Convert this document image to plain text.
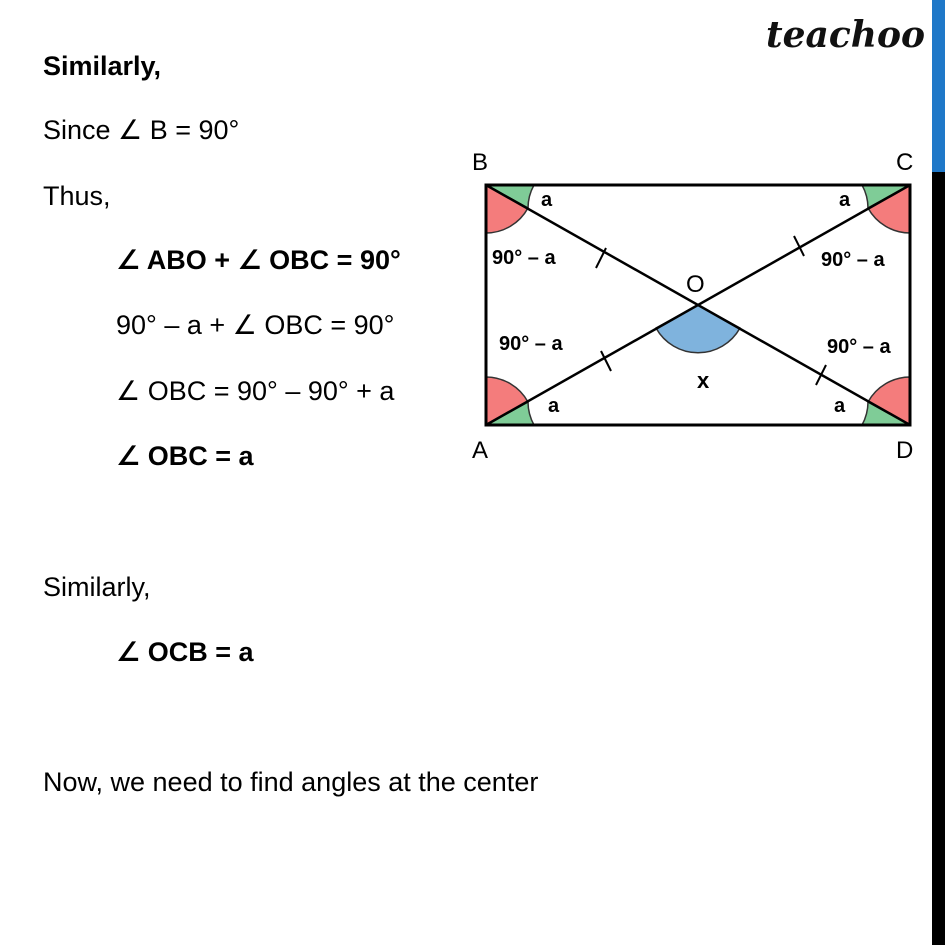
teachoo
Similarly,
Since ∠ B = 90°
Thus,
∠ ABO + ∠ OBC = 90°
90° – a + ∠ OBC = 90°
∠ OBC = 90° – 90° + a
∠ OBC = a
Similarly,
∠ OCB = a
Now, we need to find angles at the center
B	C
A	D
O
a	a
a	a
90° – a	90° – a
90° – a	90° – a
x
